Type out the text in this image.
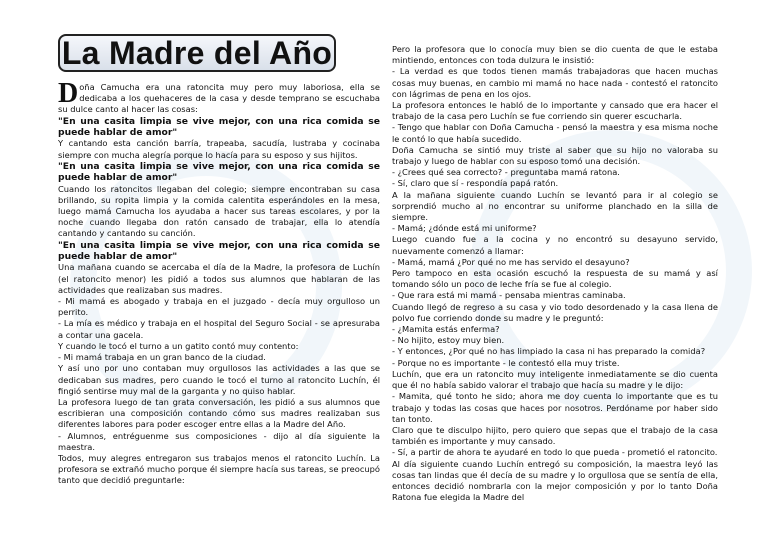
La Madre del Año

Doña Camucha era una ratoncita muy pero muy laboriosa, ella se dedicaba a los quehaceres de la casa y desde temprano se escuchaba su dulce canto al hacer las cosas:

"En una casita limpia se vive mejor, con una rica comida se puede hablar de amor"

Y cantando esta canción barría, trapeaba, sacudía, lustraba y cocinaba siempre con mucha alegría porque lo hacía para su esposo y sus hijitos.

"En una casita limpia se vive mejor, con una rica comida se puede hablar de amor"

Cuando los ratoncitos llegaban del colegio; siempre encontraban su casa brillando, su ropita limpia y la comida calentita esperándoles en la mesa, luego mamá Camucha los ayudaba a hacer sus tareas escolares, y por la noche cuando llegaba don ratón cansado de trabajar, ella lo atendía cantando y cantando su canción.

"En una casita limpia se vive mejor, con una rica comida se puede hablar de amor"

Una mañana cuando se acercaba el día de la Madre, la profesora de Luchín (el ratoncito menor) les pidió a todos sus alumnos que hablaran de las actividades que realizaban sus madres.

- Mi mamá es abogado y trabaja en el juzgado - decía muy orgulloso un perrito.

- La mía es médico y trabaja en el hospital del Seguro Social - se apresuraba a contar una gacela.

Y cuando le tocó el turno a un gatito contó muy contento:

- Mi mamá trabaja en un gran banco de la ciudad.

Y así uno por uno contaban muy orgullosos las actividades a las que se dedicaban sus madres, pero cuando le tocó el turno al ratoncito Luchín, él fingió sentirse muy mal de la garganta y no quiso hablar.

La profesora luego de tan grata conversación, les pidió a sus alumnos que escribieran una composición contando cómo sus madres realizaban sus diferentes labores para poder escoger entre ellas a la Madre del Año.

- Alumnos, entréguenme sus composiciones - dijo al día siguiente la maestra.

Todos, muy alegres entregaron sus trabajos menos el ratoncito Luchín. La profesora se extrañó mucho porque él siempre hacía sus tareas, se preocupó tanto que decidió preguntarle:

Pero la profesora que lo conocía muy bien se dio cuenta de que le estaba mintiendo, entonces con toda dulzura le insistió:

- La verdad es que todos tienen mamás trabajadoras que hacen muchas cosas muy buenas, en cambio mi mamá no hace nada - contestó el ratoncito con lágrimas de pena en los ojos.

La profesora entonces le habló de lo importante y cansado que era hacer el trabajo de la casa pero Luchín se fue corriendo sin querer escucharla.

- Tengo que hablar con Doña Camucha - pensó la maestra y esa misma noche le contó lo que había sucedido.

Doña Camucha se sintió muy triste al saber que su hijo no valoraba su trabajo y luego de hablar con su esposo tomó una decisión.

- ¿Crees qué sea correcto? - preguntaba mamá ratona.

- Sí, claro que sí - respondía papá ratón.

A la mañana siguiente cuando Luchín se levantó para ir al colegio se sorprendió mucho al no encontrar su uniforme planchado en la silla de siempre.

- Mamá; ¿dónde está mi uniforme?

Luego cuando fue a la cocina y no encontró su desayuno servido, nuevamente comenzó a llamar:

- Mamá, mamá ¿Por qué no me has servido el desayuno?

Pero tampoco en esta ocasión escuchó la respuesta de su mamá y así tomando sólo un poco de leche fría se fue al colegio.

- Que rara está mi mamá - pensaba mientras caminaba.

Cuando llegó de regreso a su casa y vio todo desordenado y la casa llena de polvo fue corriendo donde su madre y le preguntó:

- ¿Mamita estás enferma?

- No hijito, estoy muy bien.

- Y entonces, ¿Por qué no has limpiado la casa ni has preparado la comida?

- Porque no es importante - le contestó ella muy triste.

Luchín, que era un ratoncito muy inteligente inmediatamente se dio cuenta que él no había sabido valorar el trabajo que hacía su madre y le dijo:

- Mamita, qué tonto he sido; ahora me doy cuenta lo importante que es tu trabajo y todas las cosas que haces por nosotros. Perdóname por haber sido tan tonto.

Claro que te disculpo hijito, pero quiero que sepas que el trabajo de la casa también es importante y muy cansado.

- Sí, a partir de ahora te ayudaré en todo lo que pueda - prometió el ratoncito.

Al día siguiente cuando Luchín entregó su composición, la maestra leyó las cosas tan lindas que él decía de su madre y lo orgullosa que se sentía de ella, entonces decidió nombrarla con la mejor composición y por lo tanto Doña Ratona fue elegida la Madre del
